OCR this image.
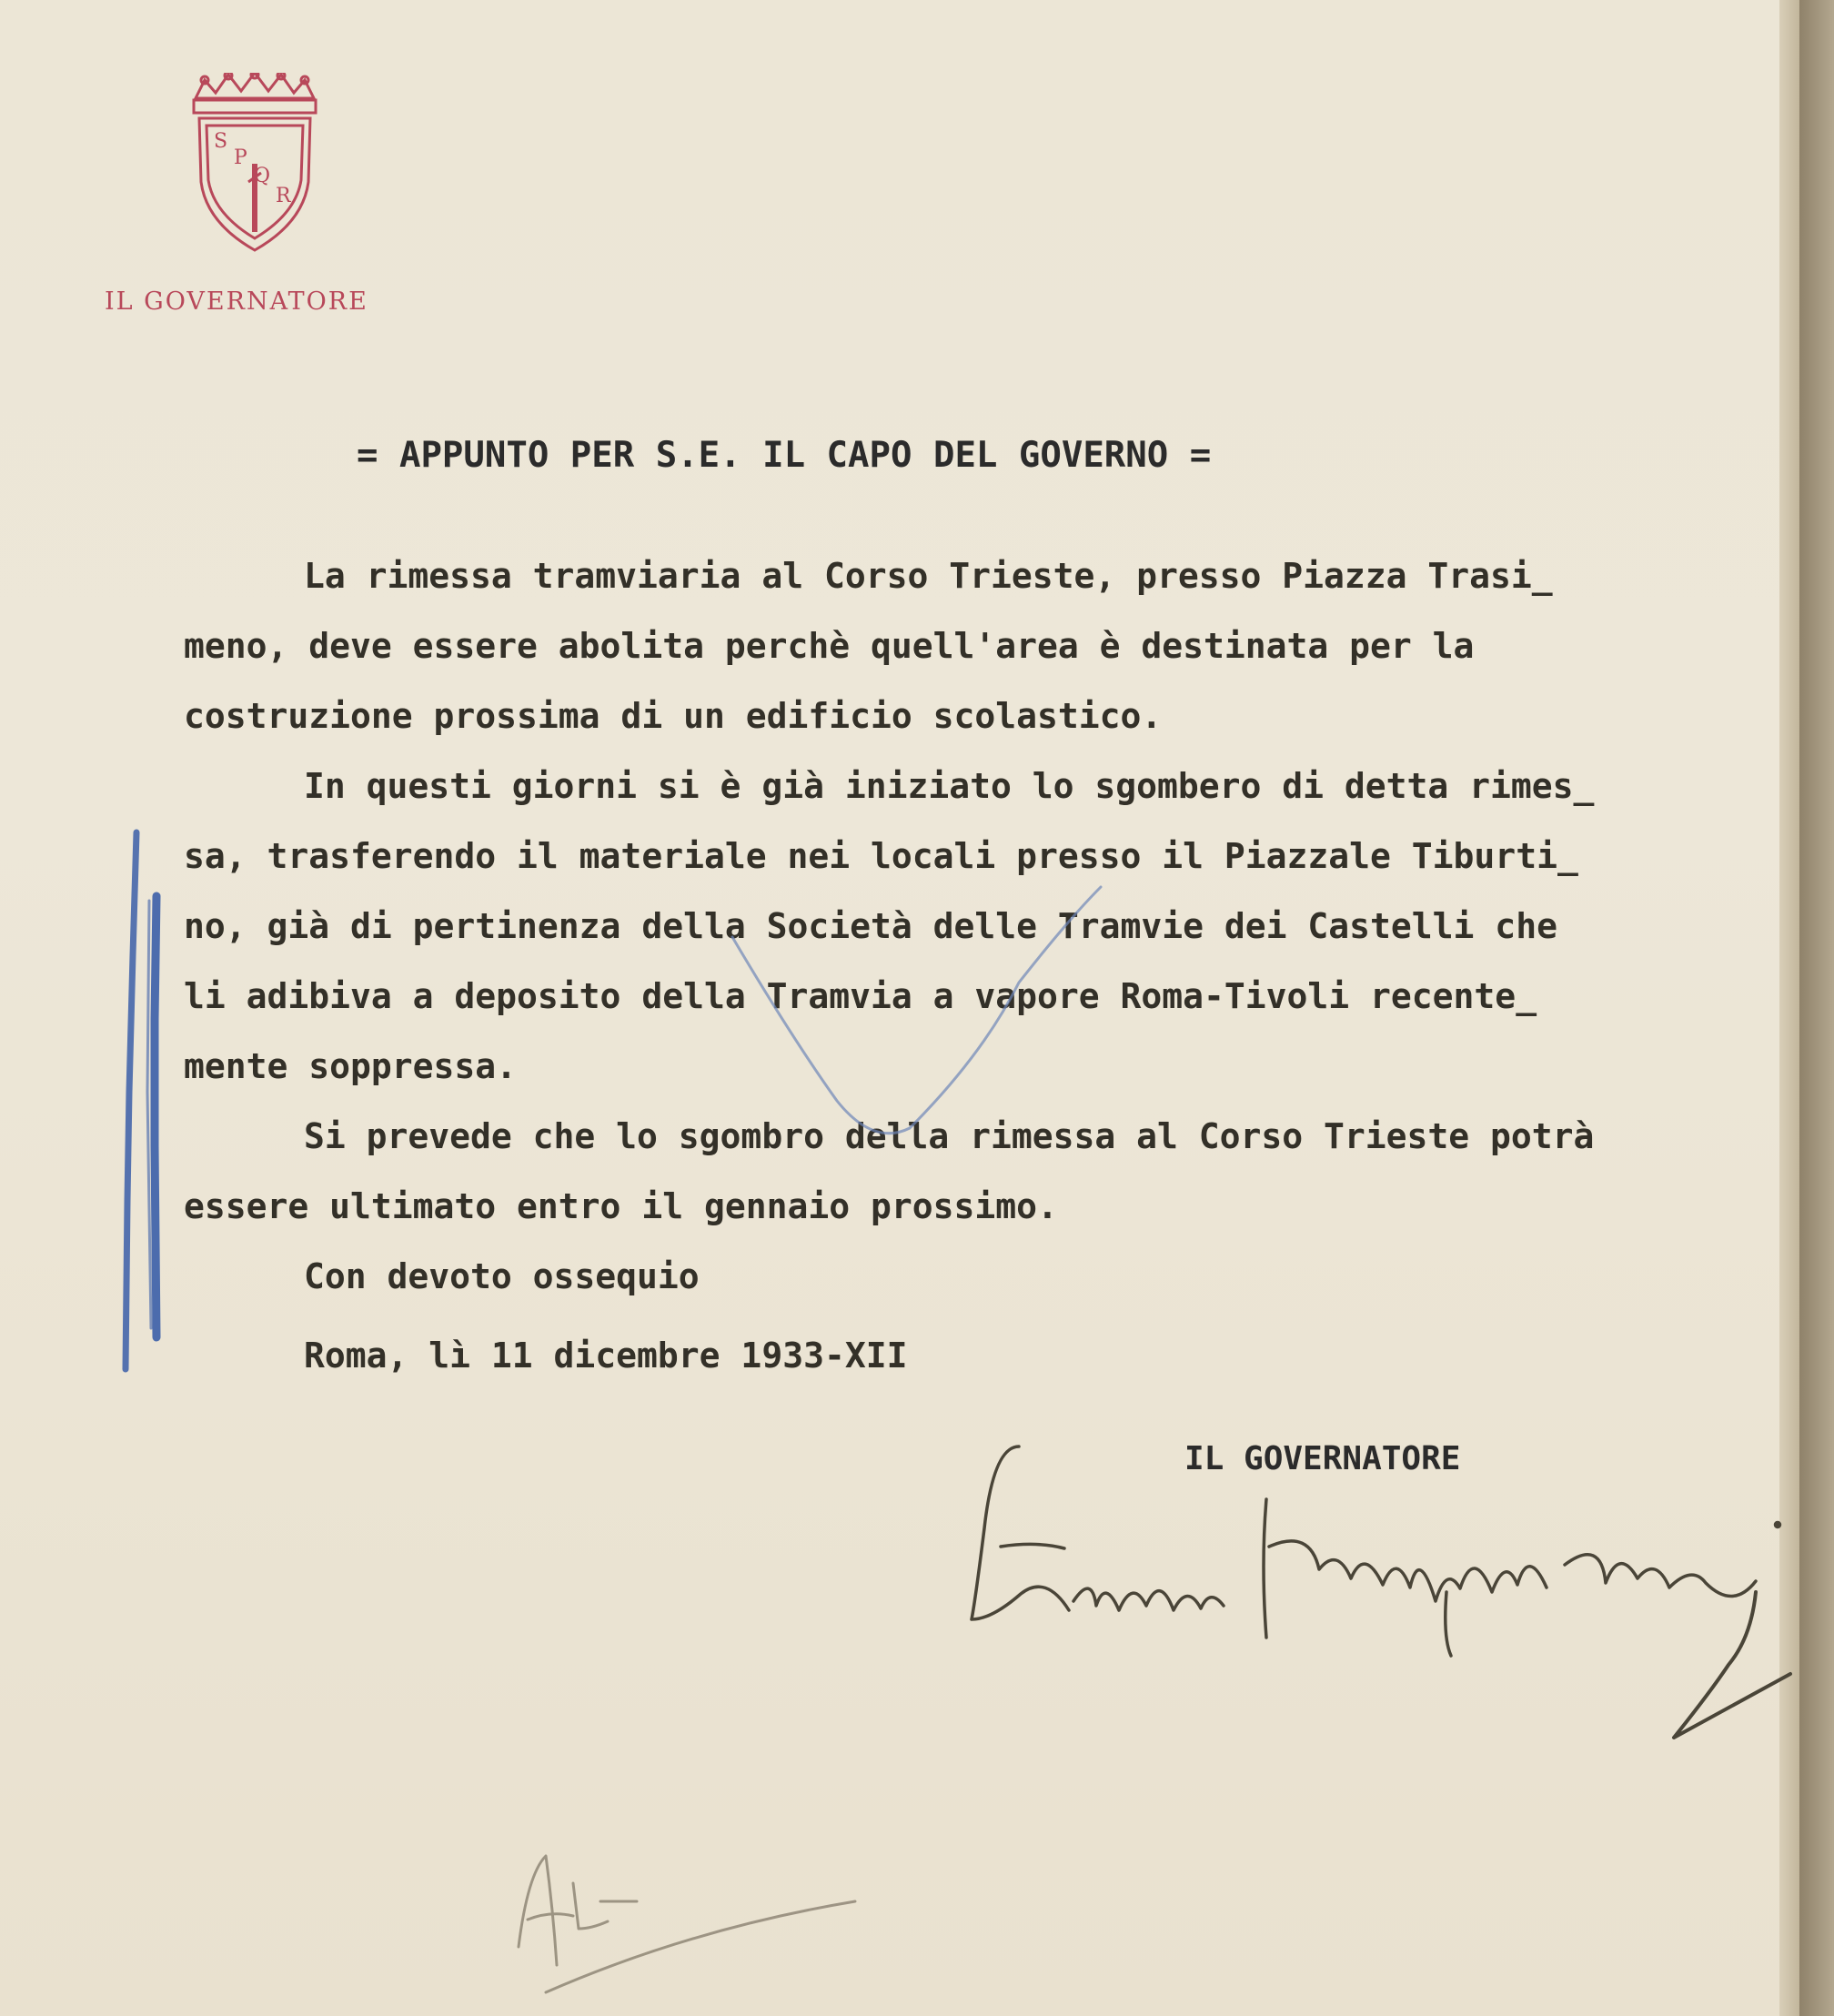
S
P
Q
R
IL GOVERNATORE
= APPUNTO PER S.E. IL CAPO DEL GOVERNO =
La rimessa tramviaria al Corso Trieste, presso Piazza Trasi_
meno, deve essere abolita perchè quell'area è destinata per la
costruzione prossima di un edificio scolastico.
In questi giorni si è già iniziato lo sgombero di detta rimes_
sa, trasferendo il materiale nei locali presso il Piazzale Tiburti_
no, già di pertinenza della Società delle Tramvie dei Castelli che
li adibiva a deposito della Tramvia a vapore Roma-Tivoli recente_
mente soppressa.
Si prevede che lo sgombro della rimessa al Corso Trieste potrà
essere ultimato entro il gennaio prossimo.
Con devoto ossequio
Roma, lì 11 dicembre 1933-XII
IL GOVERNATORE
